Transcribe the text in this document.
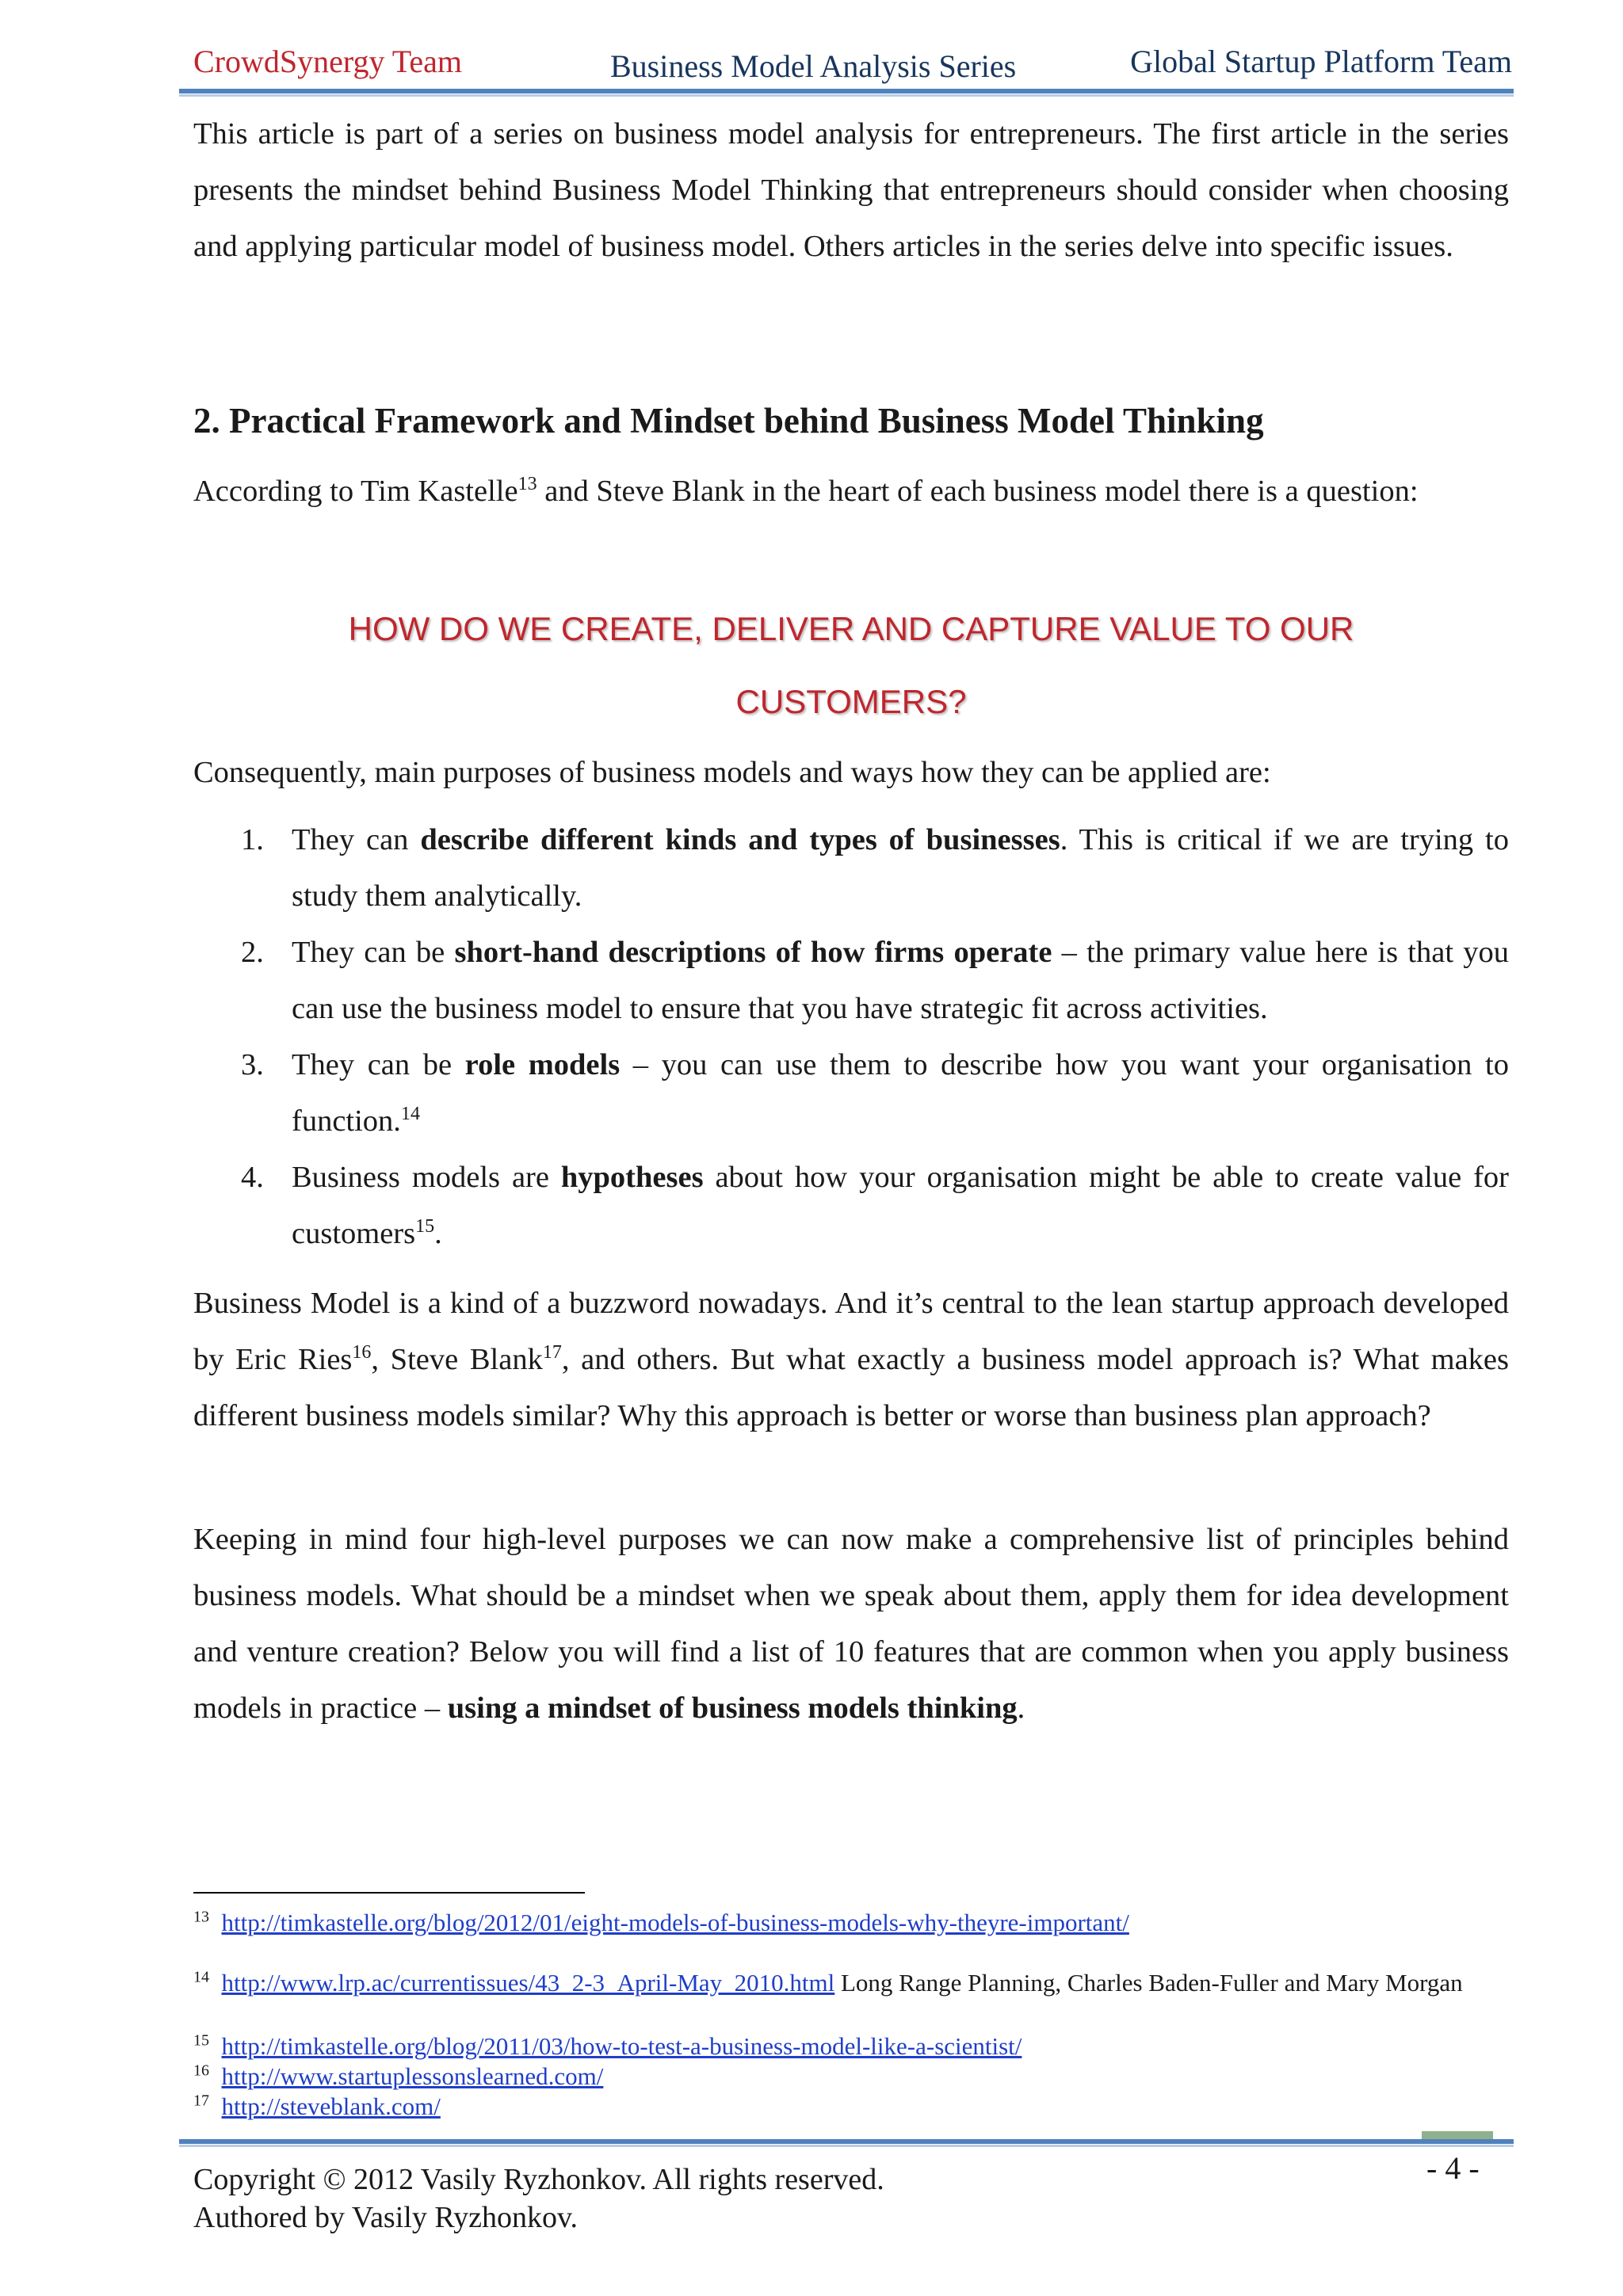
CrowdSynergy Team	Business Model Analysis Series	Global Startup Platform Team

This article is part of a series on business model analysis for entrepreneurs. The first article in the series presents the mindset behind Business Model Thinking that entrepreneurs should consider when choosing and applying particular model of business model. Others articles in the series delve into specific issues.

2. Practical Framework and Mindset behind Business Model Thinking

According to Tim Kastelle$^{13}$ and Steve Blank in the heart of each business model there is a question:

HOW DO WE CREATE, DELIVER AND CAPTURE VALUE TO OUR
CUSTOMERS?

Consequently, main purposes of business models and ways how they can be applied are:

1. They can describe different kinds and types of businesses. This is critical if we are trying to study them analytically.
2. They can be short-hand descriptions of how firms operate – the primary value here is that you can use the business model to ensure that you have strategic fit across activities.
3. They can be role models – you can use them to describe how you want your organisation to function.$^{14}$
4. Business models are hypotheses about how your organisation might be able to create value for customers$^{15}$.

Business Model is a kind of a buzzword nowadays. And it’s central to the lean startup approach developed by Eric Ries$^{16}$, Steve Blank$^{17}$, and others. But what exactly a business model approach is? What makes different business models similar? Why this approach is better or worse than business plan approach?

Keeping in mind four high-level purposes we can now make a comprehensive list of principles behind business models. What should be a mindset when we speak about them, apply them for idea development and venture creation? Below you will find a list of 10 features that are common when you apply business models in practice – using a mindset of business models thinking.

$^{13}$ http://timkastelle.org/blog/2012/01/eight-models-of-business-models-why-theyre-important/
$^{14}$ http://www.lrp.ac/currentissues/43_2-3_April-May_2010.html Long Range Planning, Charles Baden-Fuller and Mary Morgan
$^{15}$ http://timkastelle.org/blog/2011/03/how-to-test-a-business-model-like-a-scientist/
$^{16}$ http://www.startuplessonslearned.com/
$^{17}$ http://steveblank.com/
Copyright © 2012 Vasily Ryzhonkov. All rights reserved.
Authored by Vasily Ryzhonkov.
- 4 -
